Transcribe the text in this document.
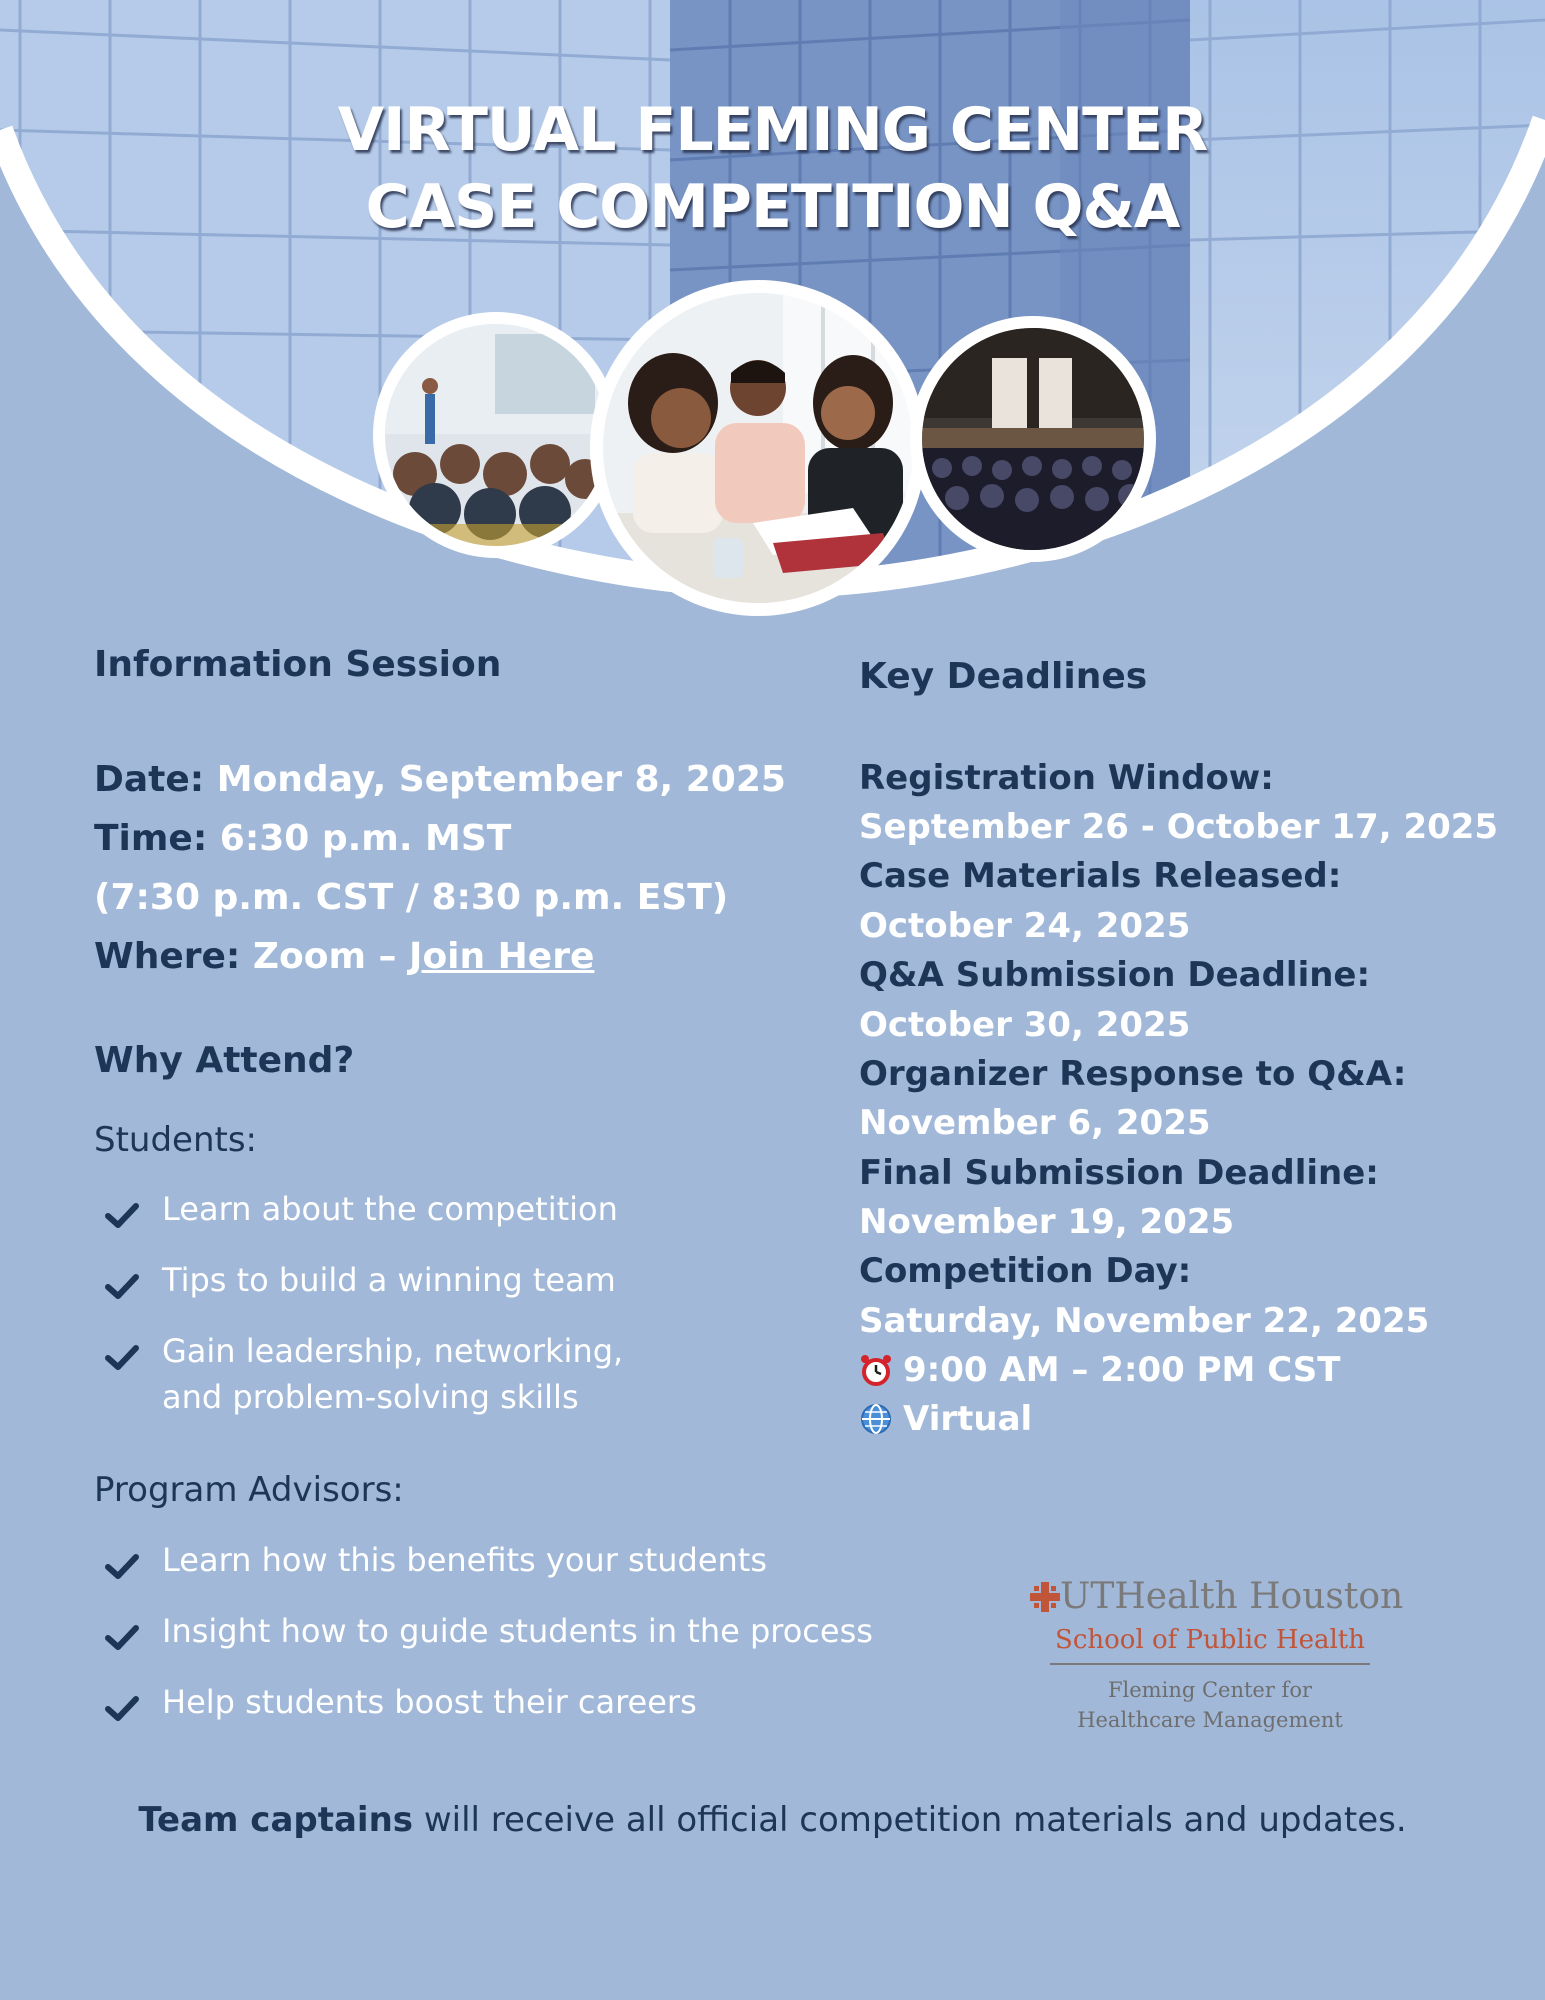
VIRTUAL FLEMING CENTER
CASE COMPETITION Q&A
Information Session
Date: Monday, September 8, 2025
Time: 6:30 p.m. MST
(7:30 p.m. CST / 8:30 p.m. EST)
Where: Zoom – Join Here
Why Attend?
Students:
Learn about the competition
Tips to build a winning team
Gain leadership, networking,
and problem-solving skills
Program Advisors:
Learn how this benefits your students
Insight how to guide students in the process
Help students boost their careers
Key Deadlines
Registration Window:
September 26 - October 17, 2025
Case Materials Released:
October 24, 2025
Q&A Submission Deadline:
October 30, 2025
Organizer Response to Q&A:
November 6, 2025
Final Submission Deadline:
November 19, 2025
Competition Day:
Saturday, November 22, 2025
9:00 AM – 2:00 PM CST
Virtual
UTHealth Houston
School of Public Health
Fleming Center for
Healthcare Management
Team captains will receive all official competition materials and updates.
